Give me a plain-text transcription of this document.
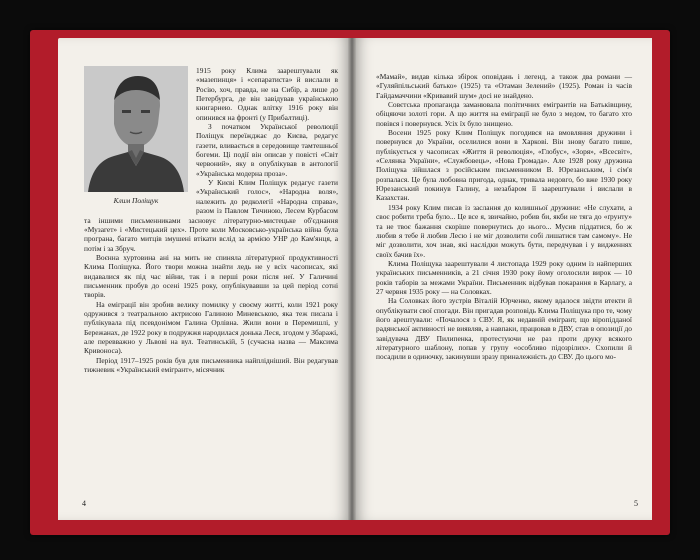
Клим Поліщук

1915 року Клима заарештували як «мазепинця» і «сепаратиста» й вислали в Росію, хоч, правда, не на Сибір, а лише до Петербурга, де він завідував українською книгарнею. Однак влітку 1916 року він опинився на фронті (у Прибалтиці).

З початком Української революції Поліщук переїжджає до Києва, редагує газети, вливається в середовище тамтешньої богеми. Ці події він описав у повісті «Світ червоний», яку в опублікував в антології «Українська модерна проза».

У Києві Клим Поліщук редагує газети «Український голос», «Народна воля», належить до редколегії «Народна справа», разом із Павлом Тичиною, Лесем Курбасом та іншими письменниками засновує літературно-мистецьке об'єднання «Музагет» і «Мистецький цех». Проте коли Московсько-українська війна була програна, багато митців змушені втікати вслід за армією УНР до Кам'янця, а потім і за Збруч.

Воєнна хуртовина ані на мить не спиняла літературної продуктивності Клима Поліщука. Його твори можна знайти ледь не у всіх часописах, які видавалися як під час війни, так і в перші роки після неї. У Галичині письменник пробув до осені 1925 року, опублікувавши за цей період сотні творів.

На еміграції він зробив велику помилку у своєму житті, коли 1921 року одружився з театральною актрисою Галиною Миневською, яка теж писала і публікувала під псевдонімом Галина Орлівна. Жили вони в Перемишлі, у Бережанах, де 1922 року в подружжя народилася донька Леся, згодом у Збаражі, але перевважно у Львові на вул. Театинській, 5 (сучасна назва — Максима Кривоноса).

Період 1917–1925 років був для письменника найплідніший. Він редагував тижневик «Український емігрант», місячник

4

«Мамай», видав кілька збірок оповідань і легенд, а також два романи — «Гуляйпільський батько» (1925) та «Отаман Зелений» (1925). Роман із часів Гайдамаччини «Кривавий шум» досі не знайдено.

Совєтська пропаганда заманювала політичних емігрантів на Батьківщину, обіцяючи золоті гори. А що життя на еміграції не було з медом, то багато хто повівся і повернувся. Усіх їх було знищено.

Восени 1925 року Клим Поліщук погодився на вмовляння дружини і повернувся до України, оселилися вони в Харкові. Він знову багато пише, публікується у часописах «Життя й революція», «Глобус», «Зоря», «Всесвіт», «Селянка України», «Службовець», «Нова Громада». Але 1928 року дружина Поліщука зійшлася з російським письменником В. Юрезанським, і сім'я розпалася. Це була любовна пригода, однак, тривала недовго, бо вже 1930 року Юрезанський покинув Галину, а незабаром її заарештували і вислали в Казахстан.

1934 року Клим писав із заслання до колишньої дружини: «Не слухати, а своє робити треба було... Це все я, звичайно, робив би, якби не тяга до «ґрунту» та не твоє бажання скоріше повернутись до нього... Мусив піддатися, бо ж любив я тебе й любив Лесю і не міг дозволити собі лишатися там самому». Не міг дозволити, хоч знав, які наслідки можуть бути, передчував і у видженнях своїх бачив їх».

Клима Поліщука заарештували 4 листопада 1929 року одним із найперших українських письменників, а 21 січня 1930 року йому оголосили вирок — 10 років таборів за межами України. Письменник відбував покарання в Карлагу, а 27 червня 1935 року — на Соловках.

На Соловках його зустрів Віталій Юрченко, якому вдалося звідти втекти й опублікувати свої спогади. Він пригадав розповідь Клима Поліщука про те, чому його арештували: «Почалося з СВУ. Я, як недавній емігрант, що віропідданої радянської активності не виявляв, а навпаки, працював в ДВУ, став в опозиції до завідувача ДВУ Пилипенка, протестуючи не раз проти друку всякого літературного шаблону, попав у групу «особливо підозрілих». Схопили й посадили в одиночку, закинувши зразу приналежність до СВУ. До цього мо-

5
